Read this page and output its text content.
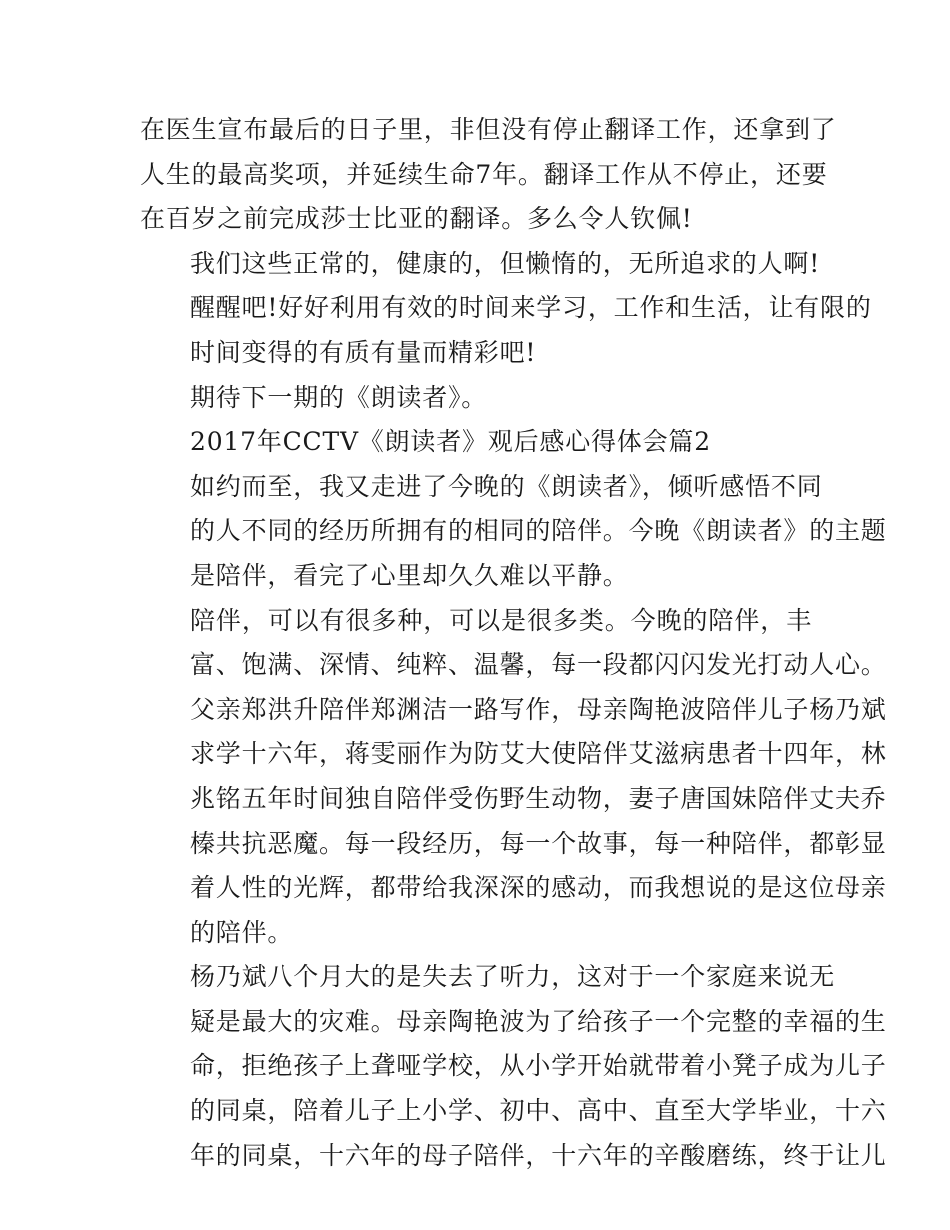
在医生宣布最后的日子里，非但没有停止翻译工作，还拿到了
人生的最高奖项，并延续生命7年。翻译工作从不停止，还要
在百岁之前完成莎士比亚的翻译。多么令人钦佩!

我们这些正常的，健康的，但懒惰的，无所追求的人啊!
醒醒吧!好好利用有效的时间来学习，工作和生活，让有限的
时间变得的有质有量而精彩吧!

期待下一期的《朗读者》。

2017年CCTV《朗读者》观后感心得体会篇2

如约而至，我又走进了今晚的《朗读者》，倾听感悟不同
的人不同的经历所拥有的相同的陪伴。今晚《朗读者》的主题
是陪伴，看完了心里却久久难以平静。

陪伴，可以有很多种，可以是很多类。今晚的陪伴，丰
富、饱满、深情、纯粹、温馨，每一段都闪闪发光打动人心。
父亲郑洪升陪伴郑渊洁一路写作，母亲陶艳波陪伴儿子杨乃斌
求学十六年，蒋雯丽作为防艾大使陪伴艾滋病患者十四年，林
兆铭五年时间独自陪伴受伤野生动物，妻子唐国妹陪伴丈夫乔
榛共抗恶魔。每一段经历，每一个故事，每一种陪伴，都彰显
着人性的光辉，都带给我深深的感动，而我想说的是这位母亲
的陪伴。

杨乃斌八个月大的是失去了听力，这对于一个家庭来说无
疑是最大的灾难。母亲陶艳波为了给孩子一个完整的幸福的生
命，拒绝孩子上聋哑学校，从小学开始就带着小凳子成为儿子
的同桌，陪着儿子上小学、初中、高中、直至大学毕业，十六
年的同桌，十六年的母子陪伴，十六年的辛酸磨练，终于让儿
